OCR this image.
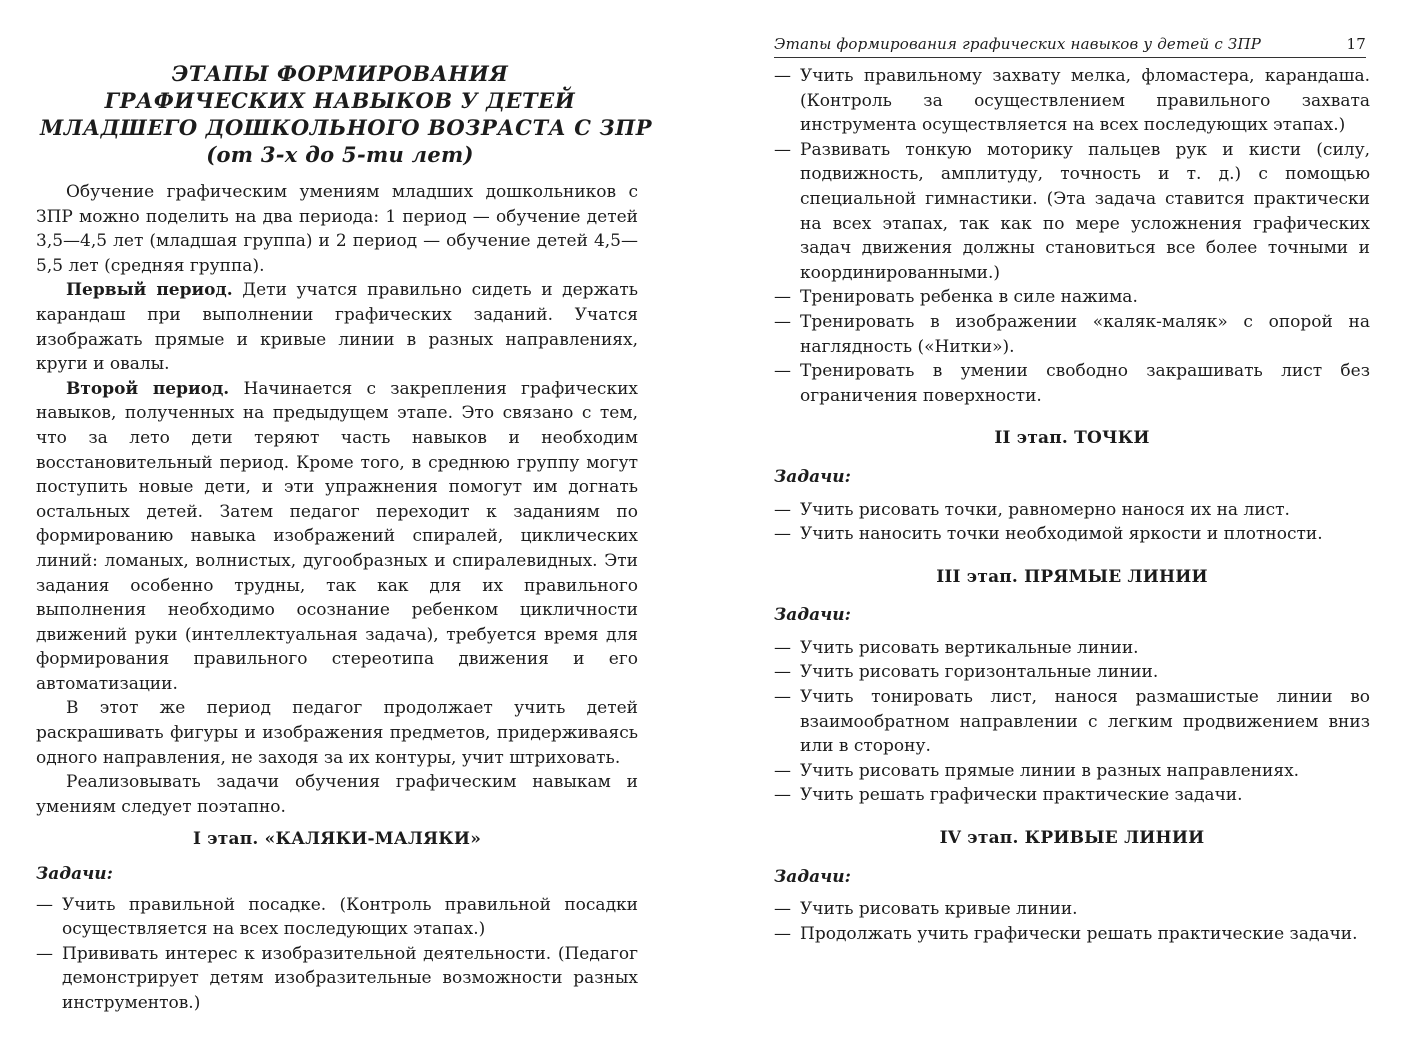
ЭТАПЫ ФОРМИРОВАНИЯ
ГРАФИЧЕСКИХ НАВЫКОВ У ДЕТЕЙ
МЛАДШЕГО ДОШКОЛЬНОГО ВОЗРАСТА С ЗПР
(от 3-х до 5-ти лет)

Обучение графическим умениям младших дошкольников с ЗПР можно поделить на два периода: 1 период — обучение детей 3,5—4,5 лет (младшая группа) и 2 период — обучение детей 4,5—5,5 лет (средняя группа).

Первый период. Дети учатся правильно сидеть и держать карандаш при выполнении графических заданий. Учатся изображать прямые и кривые линии в разных направлениях, круги и овалы.

Второй период. Начинается с закрепления графических навыков, полученных на предыдущем этапе. Это связано с тем, что за лето дети теряют часть навыков и необходим восстановительный период. Кроме того, в среднюю группу могут поступить новые дети, и эти упражнения помогут им догнать остальных детей. Затем педагог переходит к заданиям по формированию навыка изображений спиралей, циклических линий: ломаных, волнистых, дугообразных и спиралевидных. Эти задания особенно трудны, так как для их правильного выполнения необходимо осознание ребенком цикличности движений руки (интеллектуальная задача), требуется время для формирования правильного стереотипа движения и его автоматизации.

В этот же период педагог продолжает учить детей раскрашивать фигуры и изображения предметов, придерживаясь одного направления, не заходя за их контуры, учит штриховать.

Реализовывать задачи обучения графическим навыкам и умениям следует поэтапно.

I этап. «КАЛЯКИ-МАЛЯКИ»
Задачи:
— Учить правильной посадке. (Контроль правильной посадки осуществляется на всех последующих этапах.)
— Прививать интерес к изобразительной деятельности. (Педагог демонстрирует детям изобразительные возможности разных инструментов.)
Этапы формирования графических навыков у детей с ЗПР	17
— Учить правильному захвату мелка, фломастера, карандаша. (Контроль за осуществлением правильного захвата инструмента осуществляется на всех последующих этапах.)
— Развивать тонкую моторику пальцев рук и кисти (силу, подвижность, амплитуду, точность и т. д.) с помощью специальной гимнастики. (Эта задача ставится практически на всех этапах, так как по мере усложнения графических задач движения должны становиться все более точными и координированными.)
— Тренировать ребенка в силе нажима.
— Тренировать в изображении «каляк-маляк» с опорой на наглядность («Нитки»).
— Тренировать в умении свободно закрашивать лист без ограничения поверхности.
II этап. ТОЧКИ
Задачи:
— Учить рисовать точки, равномерно нанося их на лист.
— Учить наносить точки необходимой яркости и плотности.
III этап. ПРЯМЫЕ ЛИНИИ
Задачи:
— Учить рисовать вертикальные линии.
— Учить рисовать горизонтальные линии.
— Учить тонировать лист, нанося размашистые линии во взаимообратном направлении с легким продвижением вниз или в сторону.
— Учить рисовать прямые линии в разных направлениях.
— Учить решать графически практические задачи.
IV этап. КРИВЫЕ ЛИНИИ
Задачи:
— Учить рисовать кривые линии.
— Продолжать учить графически решать практические задачи.
